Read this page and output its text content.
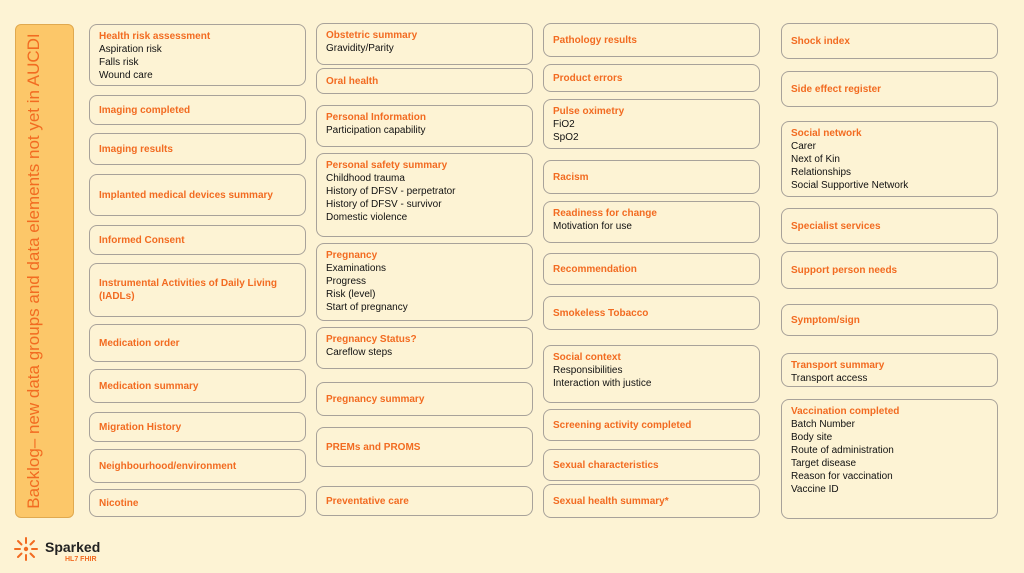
Backlog– new data groups and data elements not yet in AUCDI	Health risk assessment
Aspiration risk
Falls risk
Wound care
Imaging completed
Imaging results
Implanted medical devices summary
Informed Consent
Instrumental Activities of Daily Living (IADLs)
Medication order
Medication summary
Migration History
Neighbourhood/environment
Nicotine
Obstetric summary
Gravidity/Parity
Oral health
Personal Information
Participation capability
Personal safety summary
Childhood trauma
History of DFSV - perpetrator
History of DFSV - survivor
Domestic violence
Pregnancy
Examinations
Progress
Risk (level)
Start of pregnancy
Pregnancy Status?
Careflow steps
Pregnancy summary
PREMs and PROMS
Preventative care
Pathology results
Product errors
Pulse oximetry
FiO2
SpO2
Racism
Readiness for change
Motivation for use
Recommendation
Smokeless Tobacco
Social context
Responsibilities
Interaction with justice
Screening activity completed
Sexual characteristics
Sexual health summary*
Shock index
Side effect register
Social network
Carer
Next of Kin
Relationships
Social Supportive Network
Specialist services
Support person needs
Symptom/sign
Transport summary
Transport access
Vaccination completed
Batch Number
Body site
Route of administration
Target disease
Reason for vaccination
Vaccine ID
Sparked
HL7 FHIR
